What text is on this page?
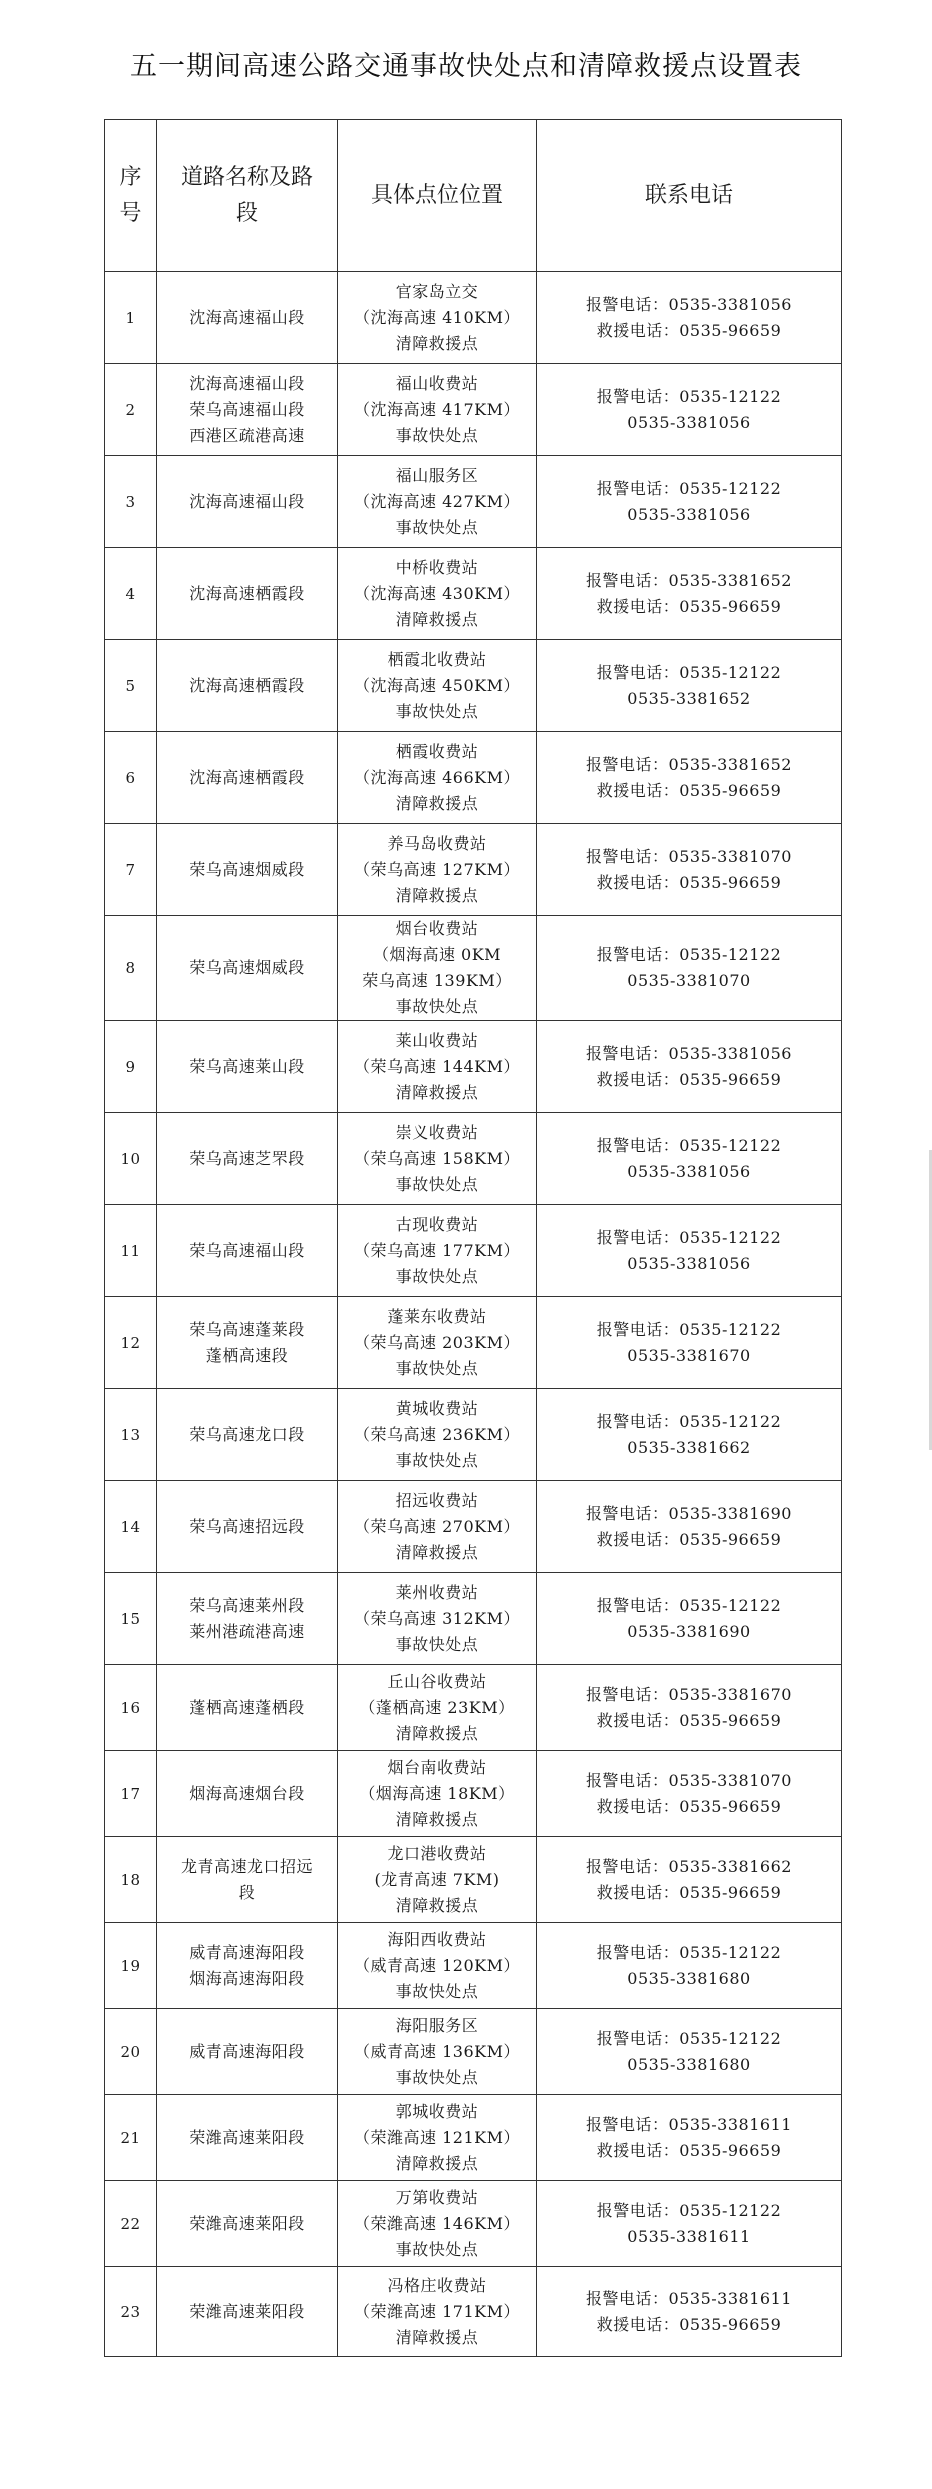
五一期间高速公路交通事故快处点和清障救援点设置表
序
号	道路名称及路
段	具体点位位置	联系电话
1	沈海高速福山段	官家岛立交
（沈海高速 410KM）
清障救援点	报警电话：0535-3381056
救援电话：0535-96659

2	沈海高速福山段
荣乌高速福山段
西港区疏港高速	福山收费站
（沈海高速 417KM）
事故快处点	报警电话：0535-12122
0535-3381056

3	沈海高速福山段	福山服务区
（沈海高速 427KM）
事故快处点	报警电话：0535-12122
0535-3381056

4	沈海高速栖霞段	中桥收费站
（沈海高速 430KM）
清障救援点	报警电话：0535-3381652
救援电话：0535-96659

5	沈海高速栖霞段	栖霞北收费站
（沈海高速 450KM）
事故快处点	报警电话：0535-12122
0535-3381652

6	沈海高速栖霞段	栖霞收费站
（沈海高速 466KM）
清障救援点	报警电话：0535-3381652
救援电话：0535-96659

7	荣乌高速烟威段	养马岛收费站
（荣乌高速 127KM）
清障救援点	报警电话：0535-3381070
救援电话：0535-96659

8	荣乌高速烟威段	烟台收费站
（烟海高速 0KM
荣乌高速 139KM）
事故快处点	报警电话：0535-12122
0535-3381070

9	荣乌高速莱山段	莱山收费站
（荣乌高速 144KM）
清障救援点	报警电话：0535-3381056
救援电话：0535-96659

10	荣乌高速芝罘段	崇义收费站
（荣乌高速 158KM）
事故快处点	报警电话：0535-12122
0535-3381056

11	荣乌高速福山段	古现收费站
（荣乌高速 177KM）
事故快处点	报警电话：0535-12122
0535-3381056

12	荣乌高速蓬莱段
蓬栖高速段	蓬莱东收费站
（荣乌高速 203KM）
事故快处点	报警电话：0535-12122
0535-3381670

13	荣乌高速龙口段	黄城收费站
（荣乌高速 236KM）
事故快处点	报警电话：0535-12122
0535-3381662

14	荣乌高速招远段	招远收费站
（荣乌高速 270KM）
清障救援点	报警电话：0535-3381690
救援电话：0535-96659

15	荣乌高速莱州段
莱州港疏港高速	莱州收费站
（荣乌高速 312KM）
事故快处点	报警电话：0535-12122
0535-3381690

16	蓬栖高速蓬栖段	丘山谷收费站
（蓬栖高速 23KM）
清障救援点	报警电话：0535-3381670
救援电话：0535-96659

17	烟海高速烟台段	烟台南收费站
（烟海高速 18KM）
清障救援点	报警电话：0535-3381070
救援电话：0535-96659

18	龙青高速龙口招远
段	龙口港收费站
(龙青高速 7KM)
清障救援点	报警电话：0535-3381662
救援电话：0535-96659

19	威青高速海阳段
烟海高速海阳段	海阳西收费站
（威青高速 120KM）
事故快处点	报警电话：0535-12122
0535-3381680

20	威青高速海阳段	海阳服务区
（威青高速 136KM）
事故快处点	报警电话：0535-12122
0535-3381680

21	荣潍高速莱阳段	郭城收费站
（荣潍高速 121KM）
清障救援点	报警电话：0535-3381611
救援电话：0535-96659

22	荣潍高速莱阳段	万第收费站
（荣潍高速 146KM）
事故快处点	报警电话：0535-12122
0535-3381611

23	荣潍高速莱阳段	冯格庄收费站
（荣潍高速 171KM）
清障救援点	报警电话：0535-3381611
救援电话：0535-96659
